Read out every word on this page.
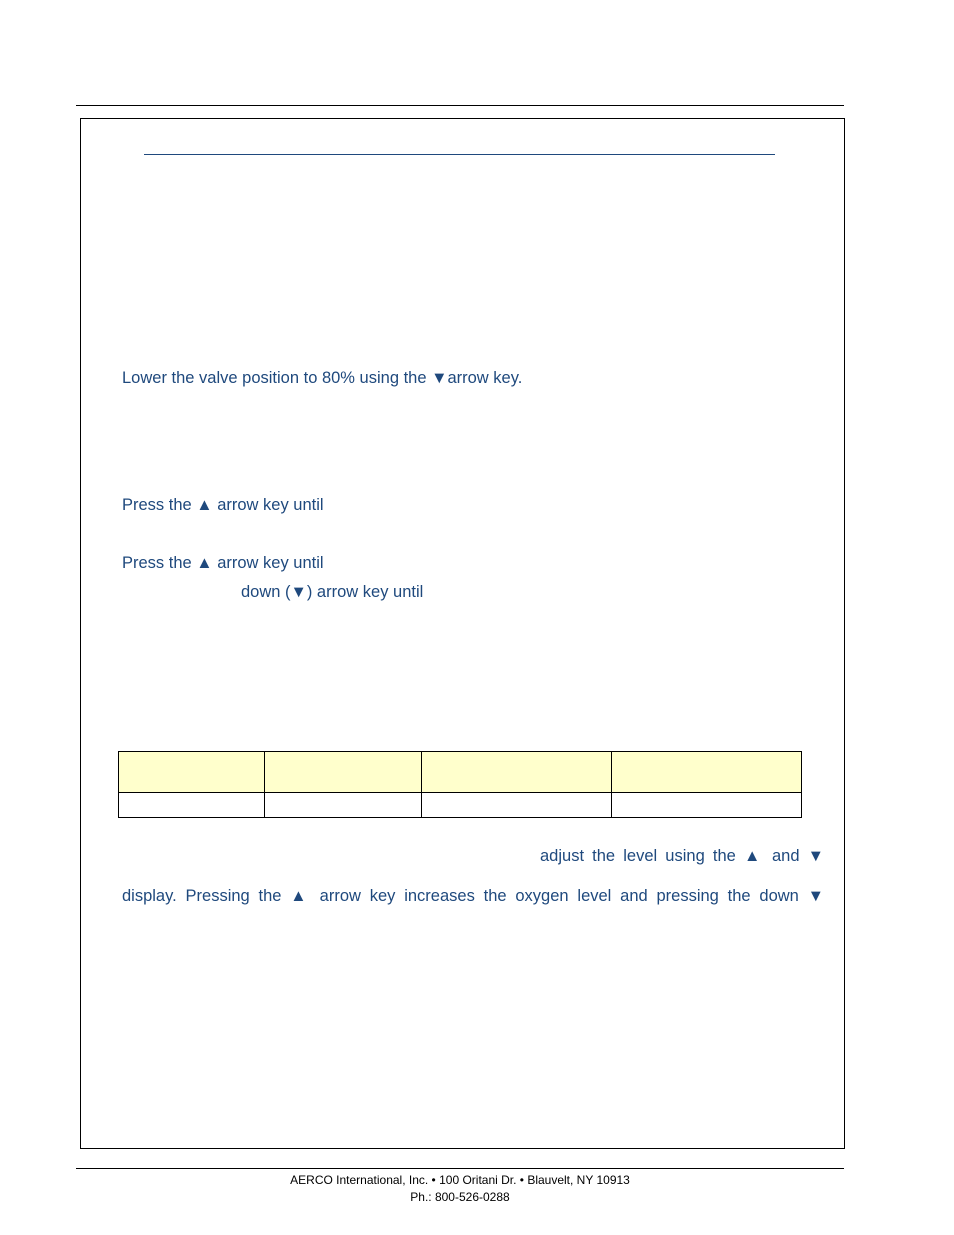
Lower the valve position to 80% using the ▼arrow key.
Press the ▲ arrow key until
Press the ▲ arrow key until
down (▼) arrow key until

adjust the level using the ▲ and ▼
display. Pressing the ▲ arrow key increases the oxygen level and pressing the down ▼
AERCO International, Inc. • 100 Oritani Dr. • Blauvelt, NY 10913
Ph.: 800-526-0288
